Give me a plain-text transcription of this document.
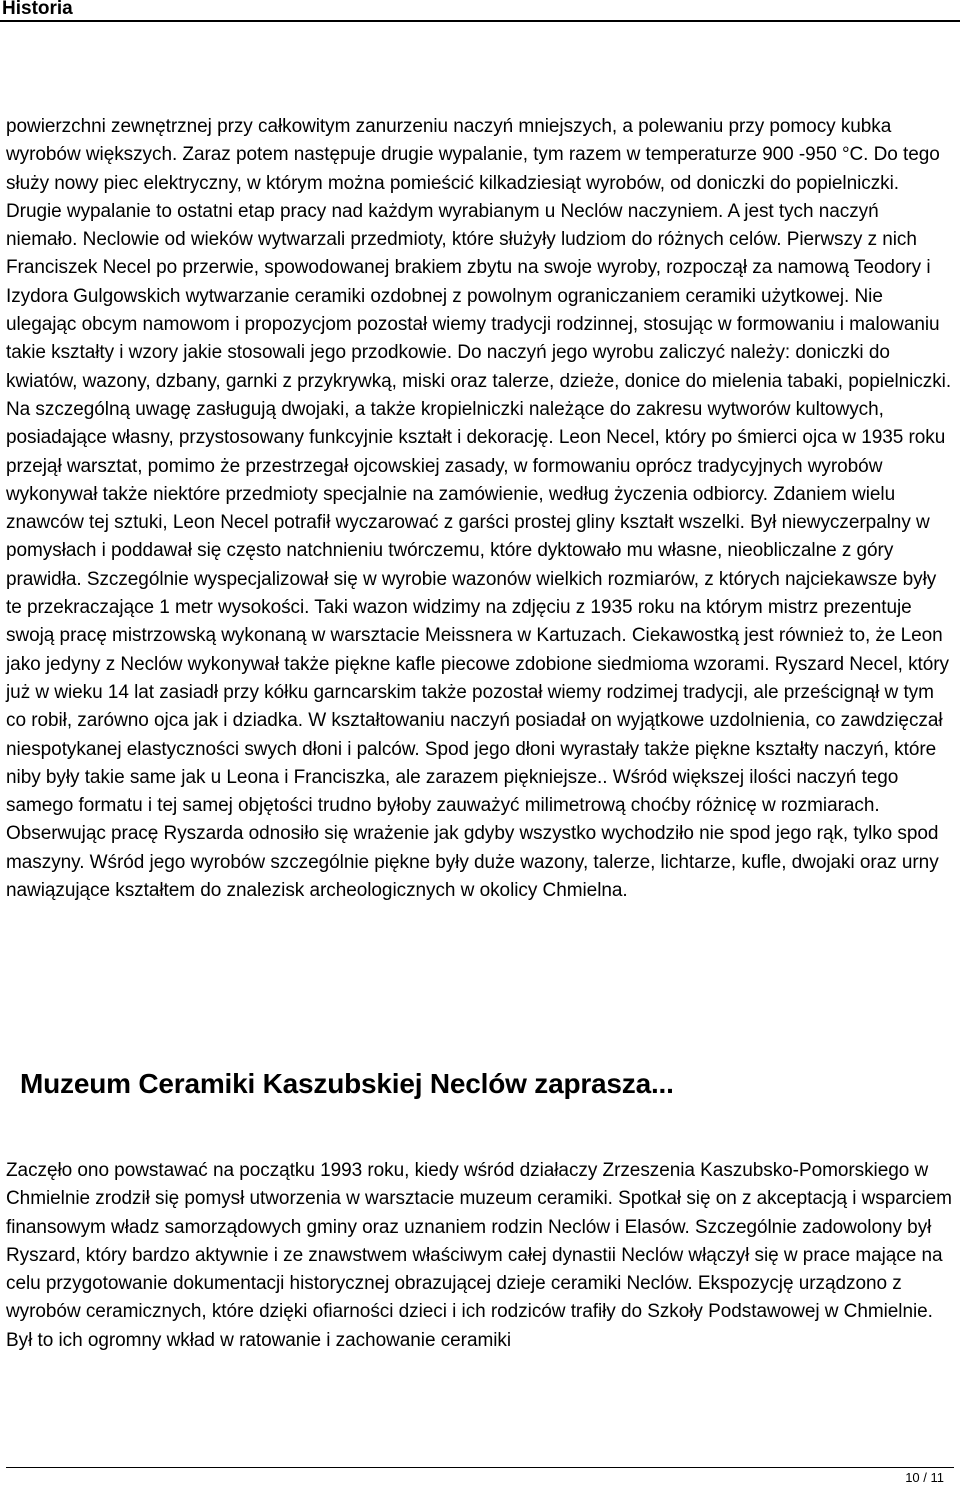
Historia

powierzchni zewnętrznej przy całkowitym zanurzeniu naczyń mniejszych, a polewaniu przy pomocy kubka wyrobów większych. Zaraz potem następuje drugie wypalanie, tym razem w temperaturze 900 -950 °C. Do tego służy nowy piec elektryczny, w którym można pomieścić kilkadziesiąt wyrobów, od doniczki do popielniczki. Drugie wypalanie to ostatni etap pracy nad każdym wyrabianym u Neclów naczyniem. A jest tych naczyń niemało. Neclowie od wieków wytwarzali przedmioty, które służyły ludziom do różnych celów. Pierwszy z nich Franciszek Necel po przerwie, spowodowanej brakiem zbytu na swoje wyroby, rozpoczął za namową Teodory i Izydora Gulgowskich wytwarzanie ceramiki ozdobnej z powolnym ograniczaniem ceramiki użytkowej. Nie ulegając obcym namowom i propozycjom pozostał wiemy tradycji rodzinnej, stosując w formowaniu i malowaniu takie kształty i wzory jakie stosowali jego przodkowie. Do naczyń jego wyrobu zaliczyć należy: doniczki do kwiatów, wazony, dzbany, garnki z przykrywką, miski oraz talerze, dzieże, donice do mielenia tabaki, popielniczki. Na szczególną uwagę zasługują dwojaki, a także kropielniczki należące do zakresu wytworów kultowych, posiadające własny, przystosowany funkcyjnie kształt i dekorację. Leon Necel, który po śmierci ojca w 1935 roku przejął warsztat, pomimo że przestrzegał ojcowskiej zasady, w formowaniu oprócz tradycyjnych wyrobów wykonywał także niektóre przedmioty specjalnie na zamówienie, według życzenia odbiorcy. Zdaniem wielu znawców tej sztuki, Leon Necel potrafił wyczarować z garści prostej gliny kształt wszelki. Był niewyczerpalny w pomysłach i poddawał się często natchnieniu twórczemu, które dyktowało mu własne, nieobliczalne z góry prawidła. Szczególnie wyspecjalizował się w wyrobie wazonów wielkich rozmiarów, z których najciekawsze były te przekraczające 1 metr wysokości. Taki wazon widzimy na zdjęciu z 1935 roku na którym mistrz prezentuje swoją pracę mistrzowską wykonaną w warsztacie Meissnera w Kartuzach. Ciekawostką jest również to, że Leon jako jedyny z Neclów wykonywał także piękne kafle piecowe zdobione siedmioma wzorami. Ryszard Necel, który już w wieku 14 lat zasiadł przy kółku garncarskim także pozostał wiemy rodzimej tradycji, ale prześcignął w tym co robił, zarówno ojca jak i dziadka. W kształtowaniu naczyń posiadał on wyjątkowe uzdolnienia, co zawdzięczał niespotykanej elastyczności swych dłoni i palców. Spod jego dłoni wyrastały także piękne kształty naczyń, które niby były takie same jak u Leona i Franciszka, ale zarazem piękniejsze.. Wśród większej ilości naczyń tego samego formatu i tej samej objętości trudno byłoby zauważyć milimetrową choćby różnicę w rozmiarach. Obserwując pracę Ryszarda odnosiło się wrażenie jak gdyby wszystko wychodziło nie spod jego rąk, tylko spod maszyny. Wśród jego wyrobów szczególnie piękne były duże wazony, talerze, lichtarze, kufle, dwojaki oraz urny nawiązujące kształtem do znalezisk archeologicznych w okolicy Chmielna.

Muzeum Ceramiki Kaszubskiej Neclów zaprasza...

Zaczęło ono powstawać na początku 1993 roku, kiedy wśród działaczy Zrzeszenia Kaszubsko-Pomorskiego w Chmielnie zrodził się pomysł utworzenia w warsztacie muzeum ceramiki. Spotkał się on z akceptacją i wsparciem finansowym władz samorządowych gminy oraz uznaniem rodzin Neclów i Elasów. Szczególnie zadowolony był Ryszard, który bardzo aktywnie i ze znawstwem właściwym całej dynastii Neclów włączył się w prace mające na celu przygotowanie dokumentacji historycznej obrazującej dzieje ceramiki Neclów. Ekspozycję urządzono z wyrobów ceramicznych, które dzięki ofiarności dzieci i ich rodziców trafiły do Szkoły Podstawowej w Chmielnie. Był to ich ogromny wkład w ratowanie i zachowanie ceramiki

10 / 11
